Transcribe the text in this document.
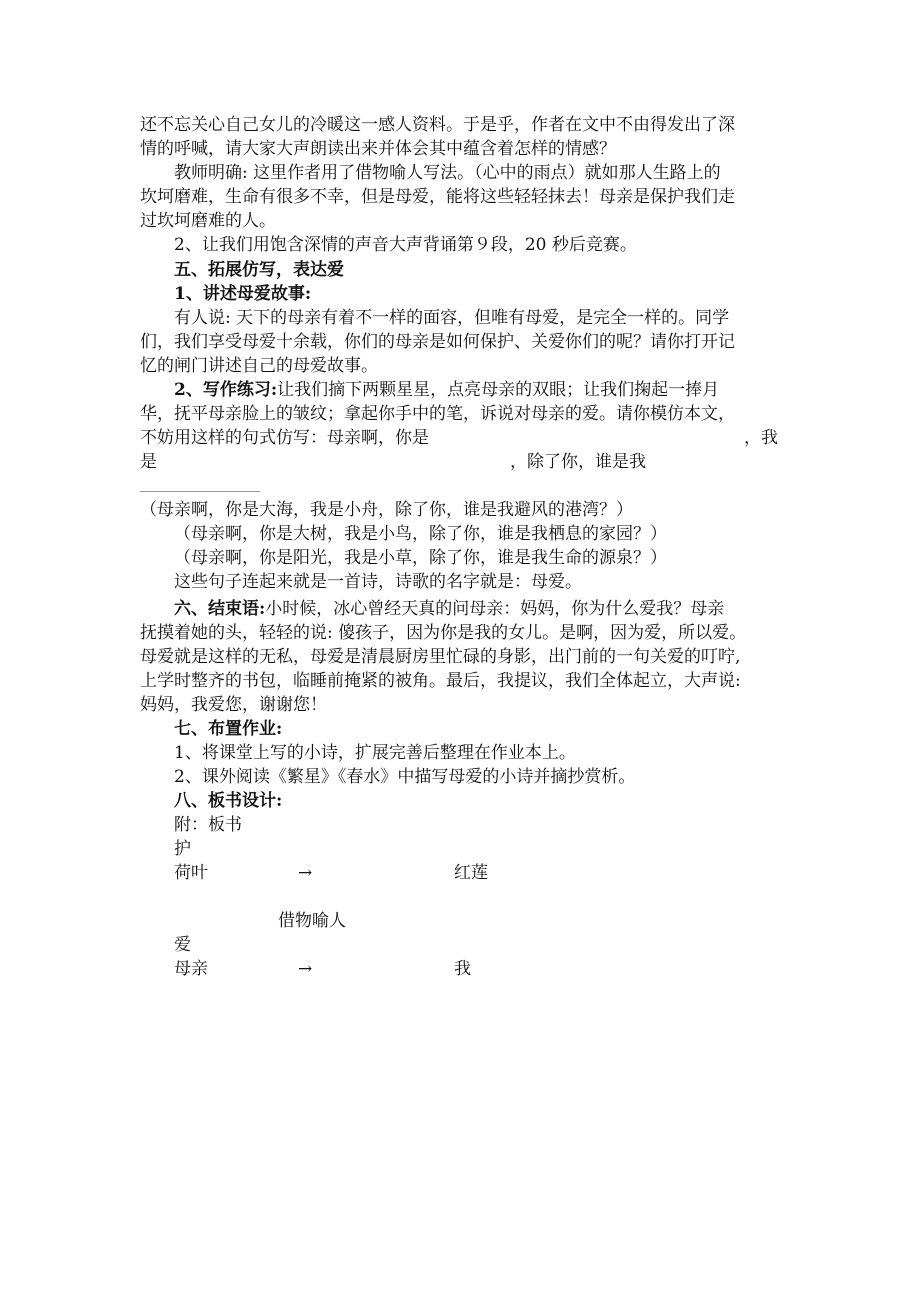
还不忘关心自己女儿的冷暖这一感人资料。于是乎，作者在文中不由得发出了深
情的呼喊，请大家大声朗读出来并体会其中蕴含着怎样的情感？
教师明确: 这里作者用了借物喻人写法。（心中的雨点）就如那人生路上的
坎坷磨难，生命有很多不幸，但是母爱，能将这些轻轻抹去！母亲是保护我们走
过坎坷磨难的人。
2、让我们用饱含深情的声音大声背诵第９段，20 秒后竞赛。
五、拓展仿写，表达爱
1、讲述母爱故事:
有人说: 天下的母亲有着不一样的面容，但唯有母爱，是完全一样的。同学
们，我们享受母爱十余载，你们的母亲是如何保护、关爱你们的呢？请你打开记
忆的闸门讲述自己的母爱故事。
2、写作练习:让我们摘下两颗星星，点亮母亲的双眼；让我们掬起一捧月
华，抚平母亲脸上的皱纹；拿起你手中的笔，诉说对母亲的爱。请你模仿本文，
不妨用这样的句式仿写：母亲啊，你是	，我
是	，除了你，谁是我
（母亲啊，你是大海，我是小舟，除了你，谁是我避风的港湾？）
（母亲啊，你是大树，我是小鸟，除了你，谁是我栖息的家园？）
（母亲啊，你是阳光，我是小草，除了你，谁是我生命的源泉？）
这些句子连起来就是一首诗，诗歌的名字就是：母爱。
六、结束语:小时候，冰心曾经天真的问母亲：妈妈，你为什么爱我？母亲
抚摸着她的头，轻轻的说: 傻孩子，因为你是我的女儿。是啊，因为爱，所以爱。
母爱就是这样的无私，母爱是清晨厨房里忙碌的身影，出门前的一句关爱的叮咛,
上学时整齐的书包，临睡前掩紧的被角。最后，我提议，我们全体起立，大声说:
妈妈，我爱您，谢谢您！
七、布置作业:
1、将课堂上写的小诗，扩展完善后整理在作业本上。
2、课外阅读《繁星》《春水》中描写母爱的小诗并摘抄赏析。
八、板书设计:
附：板书
护
荷叶	→	红莲
借物喻人
爱
母亲	→	我
